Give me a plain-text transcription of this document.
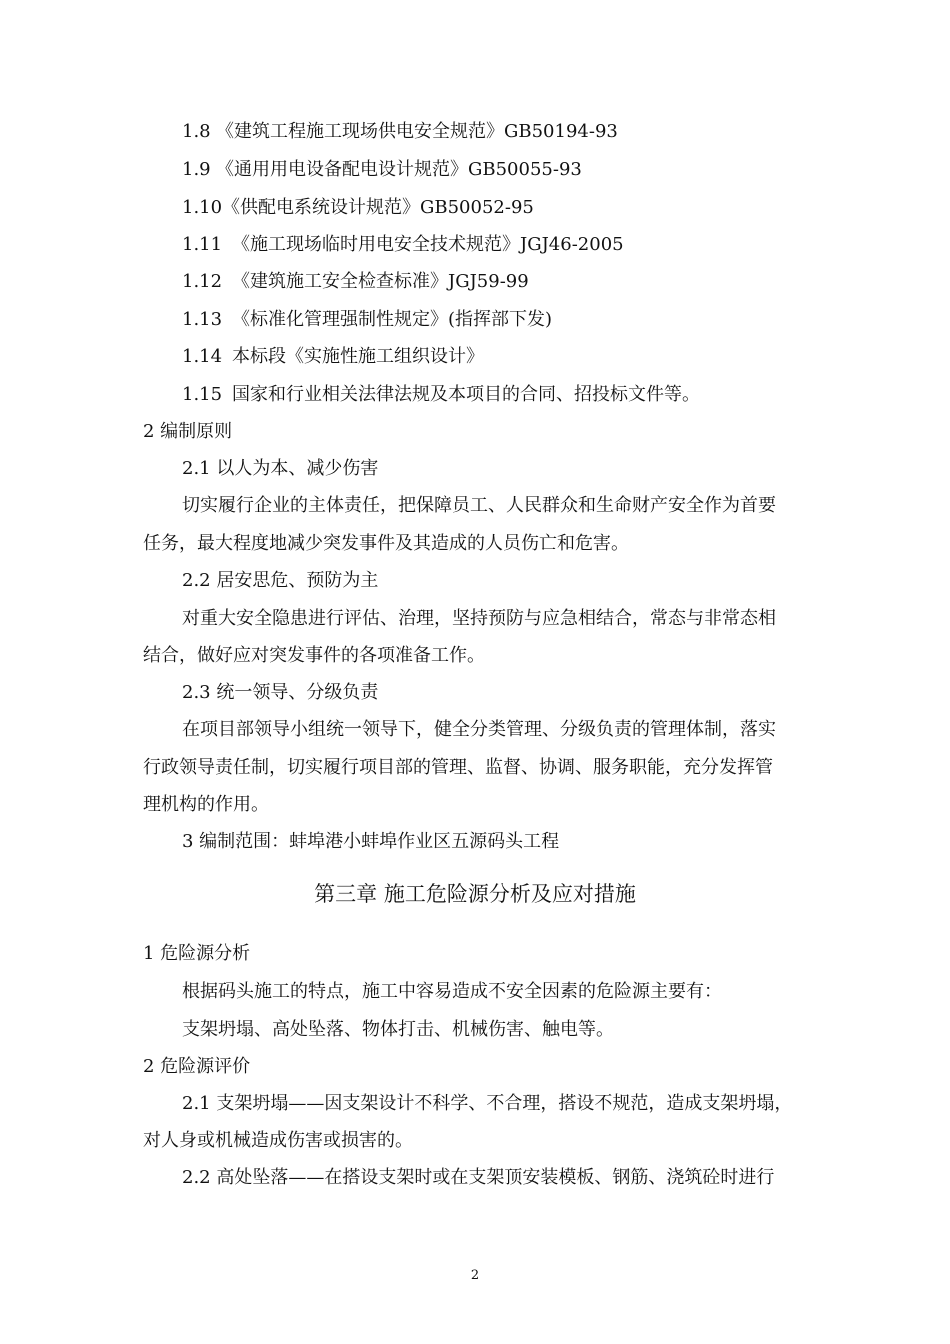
1.8 《建筑工程施工现场供电安全规范》GB50194-93
1.9 《通用用电设备配电设计规范》GB50055-93
1.10 《供配电系统设计规范》GB50052-95
1.11 《施工现场临时用电安全技术规范》JGJ46-2005
1.12 《建筑施工安全检查标准》JGJ59-99
1.13 《标准化管理强制性规定》(指挥部下发)
1.14 本标段《实施性施工组织设计》
1.15 国家和行业相关法律法规及本项目的合同、招投标文件等。
2 编制原则
2.1 以人为本、减少伤害
切实履行企业的主体责任，把保障员工、人民群众和生命财产安全作为首要
任务，最大程度地减少突发事件及其造成的人员伤亡和危害。
2.2 居安思危、预防为主
对重大安全隐患进行评估、治理，坚持预防与应急相结合，常态与非常态相
结合，做好应对突发事件的各项准备工作。
2.3 统一领导、分级负责
在项目部领导小组统一领导下，健全分类管理、分级负责的管理体制，落实
行政领导责任制，切实履行项目部的管理、监督、协调、服务职能，充分发挥管
理机构的作用。
3 编制范围：蚌埠港小蚌埠作业区五源码头工程
第三章 施工危险源分析及应对措施
1 危险源分析
根据码头施工的特点，施工中容易造成不安全因素的危险源主要有：
支架坍塌、高处坠落、物体打击、机械伤害、触电等。
2 危险源评价
2.1 支架坍塌——因支架设计不科学、不合理，搭设不规范，造成支架坍塌，
对人身或机械造成伤害或损害的。
2.2 高处坠落——在搭设支架时或在支架顶安装模板、钢筋、浇筑砼时进行
2
